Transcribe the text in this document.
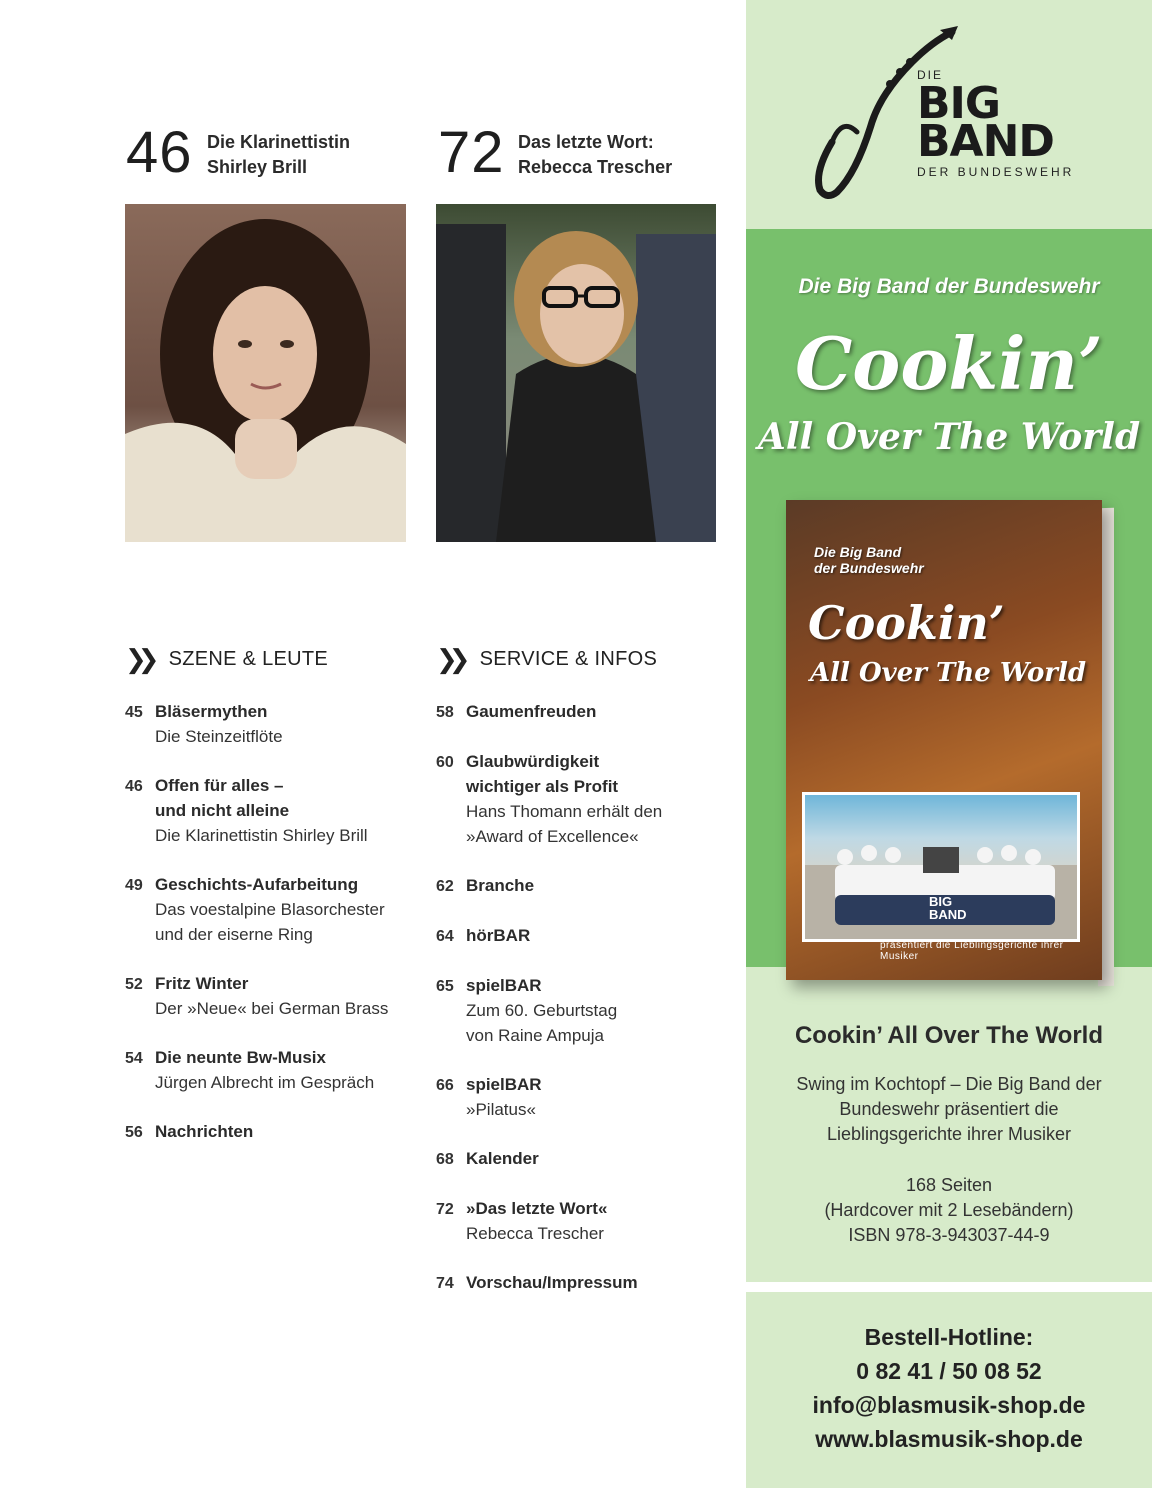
46 Die Klarinettistin
Shirley Brill	72 Das letzte Wort:
Rebecca Trescher
❯❯ SZENE & LEUTE
45 Bläsermythen
Die Steinzeitflöte
46 Offen für alles –
und nicht alleine
Die Klarinettistin Shirley Brill
49 Geschichts-Aufarbeitung
Das voestalpine Blasorchester
und der eiserne Ring
52 Fritz Winter
Der »Neue« bei German Brass
54 Die neunte Bw-Musix
Jürgen Albrecht im Gespräch
56 Nachrichten
❯❯ SERVICE & INFOS
58 Gaumenfreuden
60 Glaubwürdigkeit
wichtiger als Profit
Hans Thomann erhält den
»Award of Excellence«
62 Branche
64 hörBAR
65 spielBAR
Zum 60. Geburtstag
von Raine Ampuja
66 spielBAR
»Pilatus«
68 Kalender
72 »Das letzte Wort«
Rebecca Trescher
74 Vorschau/Impressum
DIE
BIG
BAND
DER BUNDESWEHR
Die Big Band der Bundeswehr
Cookin’
All Over The World
Die Big Band
der Bundeswehr
Cookin’
All Over The World
BIG
BAND
präsentiert die Lieblingsgerichte ihrer Musiker
Cookin’ All Over The World
Swing im Kochtopf – Die Big Band der
Bundeswehr präsentiert die
Lieblingsgerichte ihrer Musiker
168 Seiten
(Hardcover mit 2 Lesebändern)
ISBN 978-3-943037-44-9
Bestell-Hotline:
0 82 41 / 50 08 52
info@blasmusik-shop.de
www.blasmusik-shop.de
